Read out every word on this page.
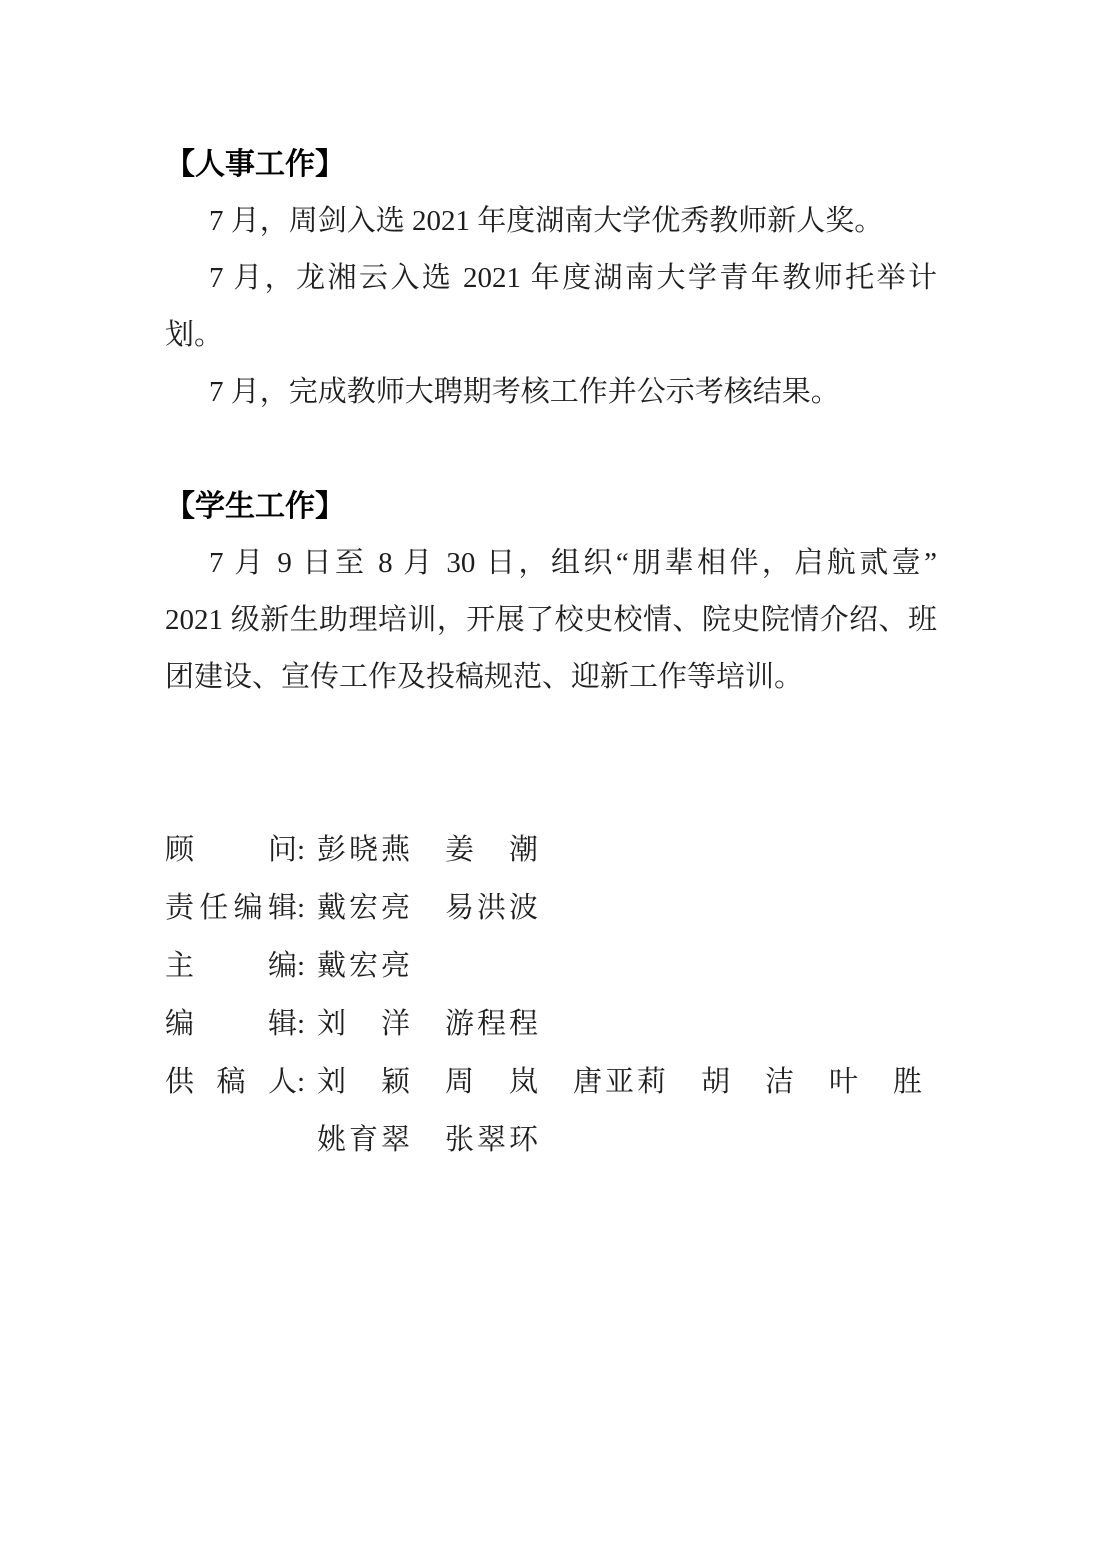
【人事工作】

7 月，周剑入选 2021 年度湖南大学优秀教师新人奖。

7 月，龙湘云入选 2021 年度湖南大学青年教师托举计

划。

7 月，完成教师大聘期考核工作并公示考核结果。

【学生工作】

7 月 9 日至 8 月 30 日，组织“朋辈相伴，启航贰壹”

2021 级新生助理培训，开展了校史校情、院史院情介绍、班

团建设、宣传工作及投稿规范、迎新工作等培训。

顾　问: 彭晓燕　姜　潮
责任编辑: 戴宏亮　易洪波
主　编: 戴宏亮
编　辑: 刘　洋　游程程
供稿人: 刘　颖　周　岚　唐亚莉　胡　洁　叶　胜
姚育翠　张翠环
